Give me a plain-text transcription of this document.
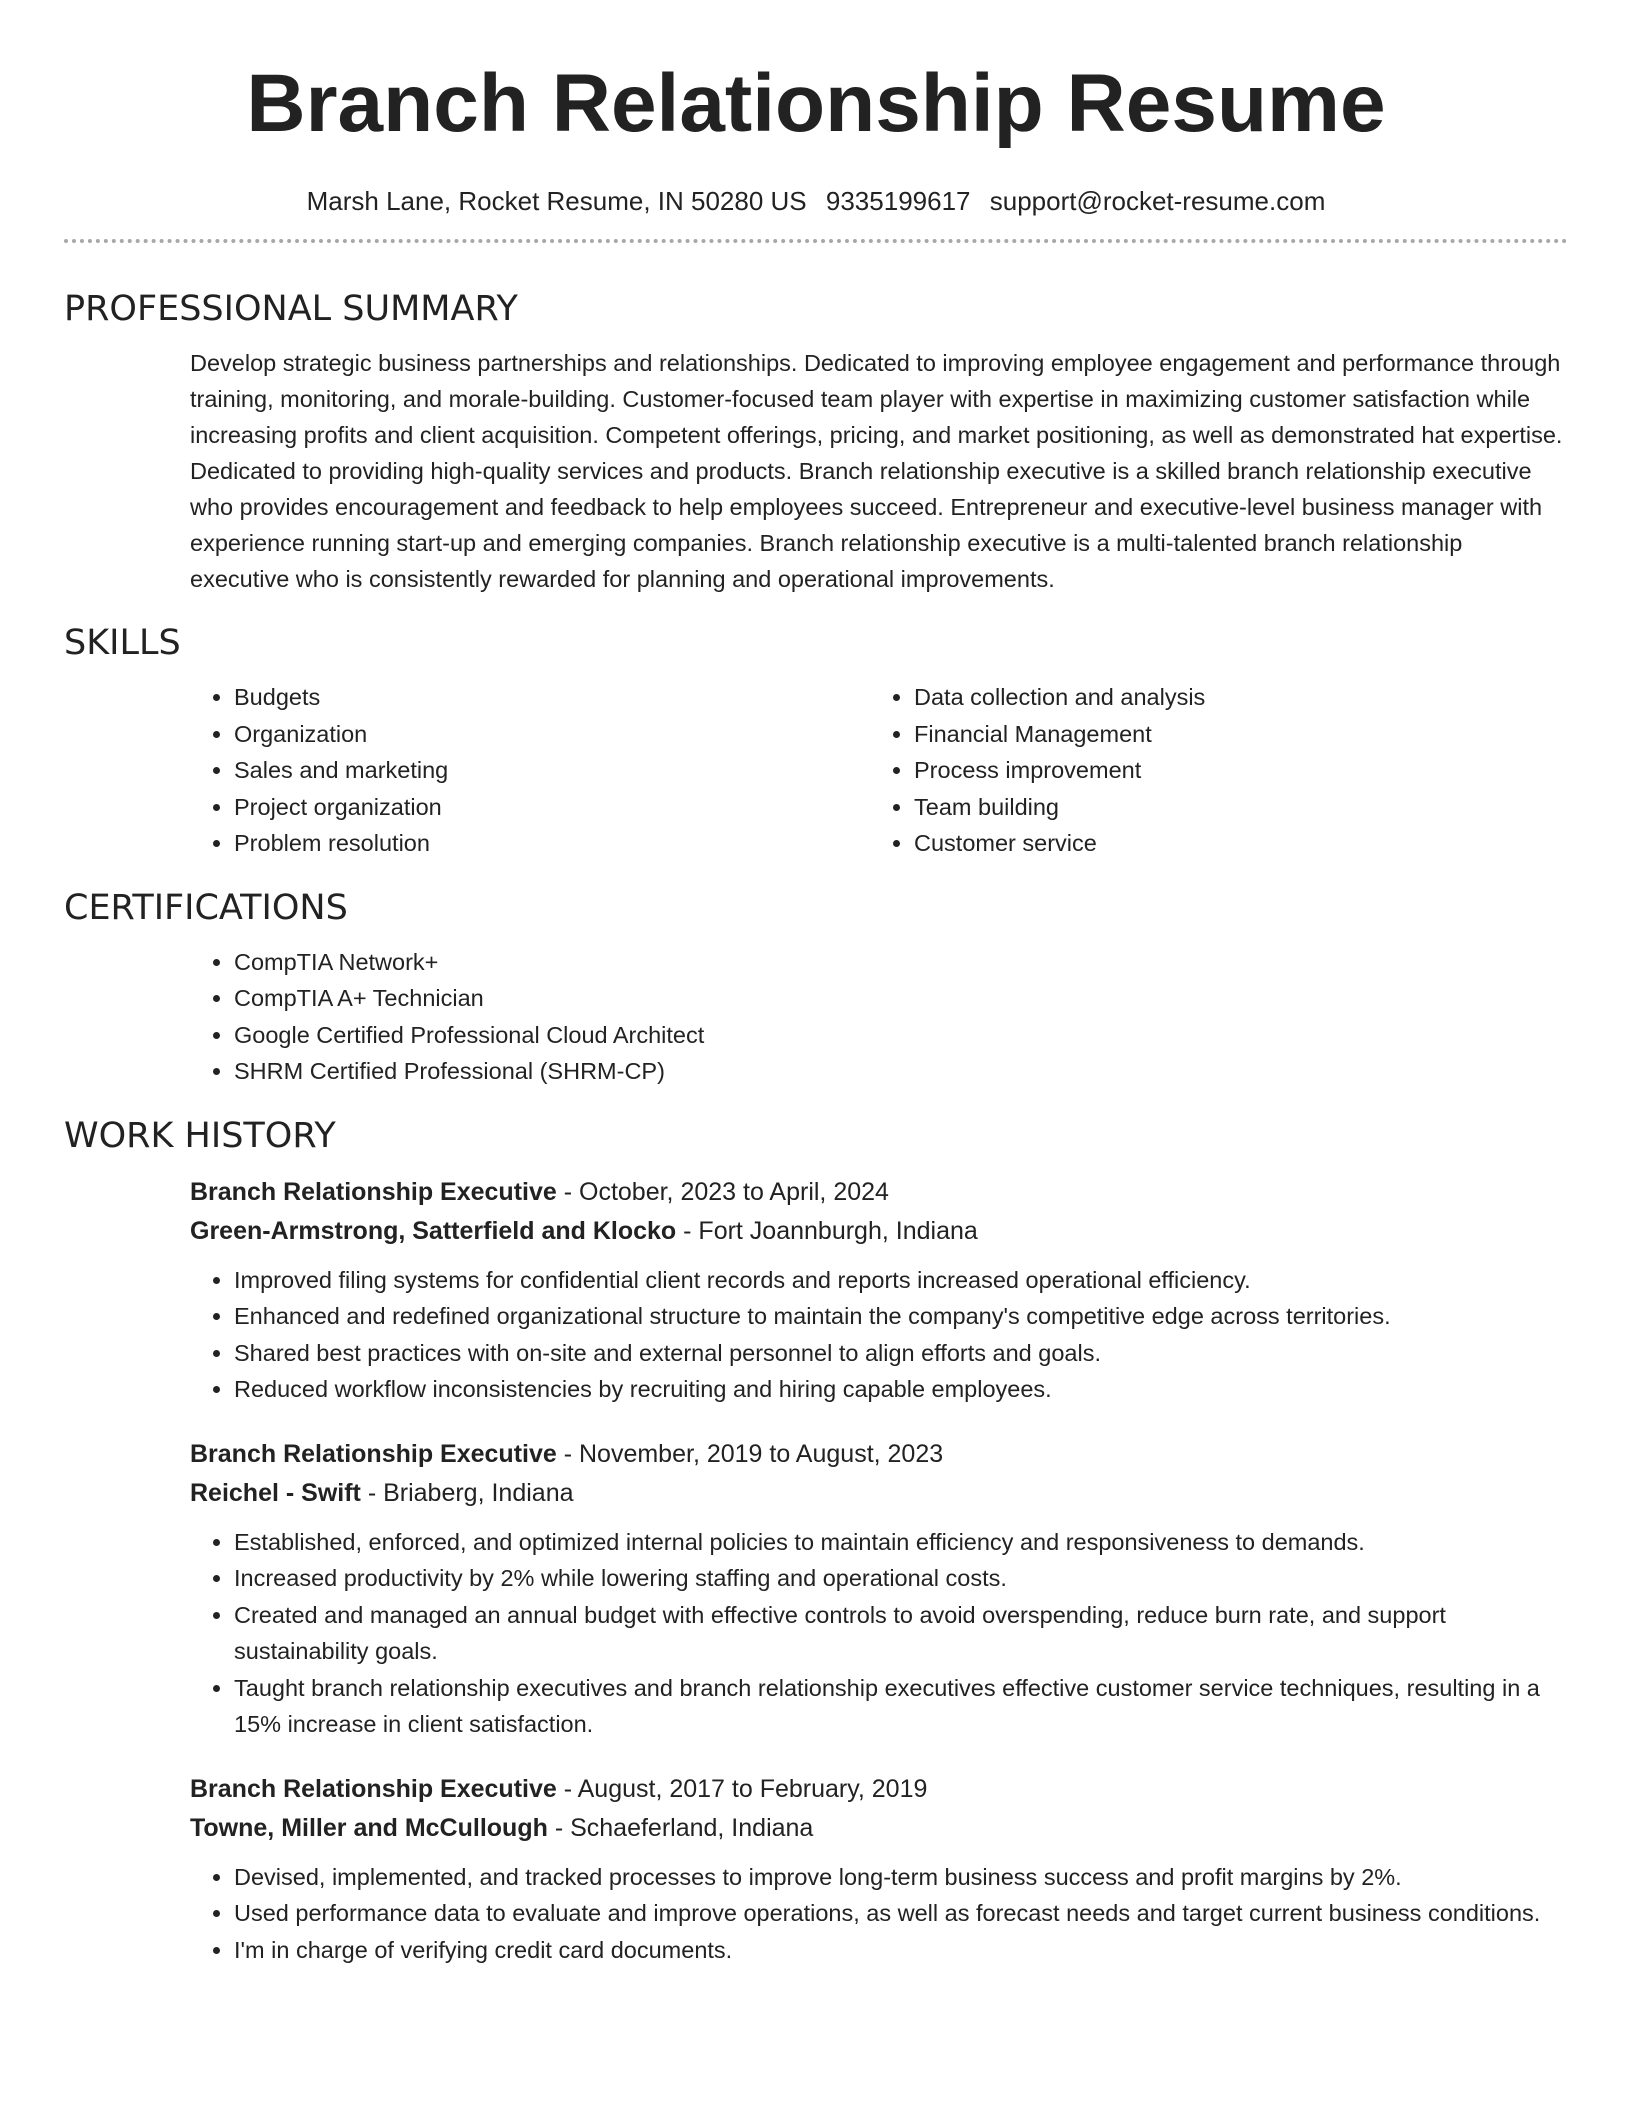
Branch Relationship Resume
Marsh Lane, Rocket Resume, IN 50280 US 9335199617 support@rocket-resume.com
PROFESSIONAL SUMMARY

Develop strategic business partnerships and relationships. Dedicated to improving employee engagement and performance through training, monitoring, and morale-building. Customer-focused team player with expertise in maximizing customer satisfaction while increasing profits and client acquisition. Competent offerings, pricing, and market positioning, as well as demonstrated hat expertise. Dedicated to providing high-quality services and products. Branch relationship executive is a skilled branch relationship executive who provides encouragement and feedback to help employees succeed. Entrepreneur and executive-level business manager with experience running start-up and emerging companies. Branch relationship executive is a multi-talented branch relationship executive who is consistently rewarded for planning and operational improvements.

SKILLS
• Budgets
• Organization
• Sales and marketing
• Project organization
• Problem resolution
• Data collection and analysis
• Financial Management
• Process improvement
• Team building
• Customer service
CERTIFICATIONS
• CompTIA Network+
• CompTIA A+ Technician
• Google Certified Professional Cloud Architect
• SHRM Certified Professional (SHRM-CP)
WORK HISTORY
Branch Relationship Executive - October, 2023 to April, 2024
Green-Armstrong, Satterfield and Klocko - Fort Joannburgh, Indiana
• Improved filing systems for confidential client records and reports increased operational efficiency.
• Enhanced and redefined organizational structure to maintain the company's competitive edge across territories.
• Shared best practices with on-site and external personnel to align efforts and goals.
• Reduced workflow inconsistencies by recruiting and hiring capable employees.
Branch Relationship Executive - November, 2019 to August, 2023
Reichel - Swift - Briaberg, Indiana
• Established, enforced, and optimized internal policies to maintain efficiency and responsiveness to demands.
• Increased productivity by 2% while lowering staffing and operational costs.
• Created and managed an annual budget with effective controls to avoid overspending, reduce burn rate, and support sustainability goals.
• Taught branch relationship executives and branch relationship executives effective customer service techniques, resulting in a 15% increase in client satisfaction.
Branch Relationship Executive - August, 2017 to February, 2019
Towne, Miller and McCullough - Schaeferland, Indiana
• Devised, implemented, and tracked processes to improve long-term business success and profit margins by 2%.
• Used performance data to evaluate and improve operations, as well as forecast needs and target current business conditions.
• I'm in charge of verifying credit card documents.
